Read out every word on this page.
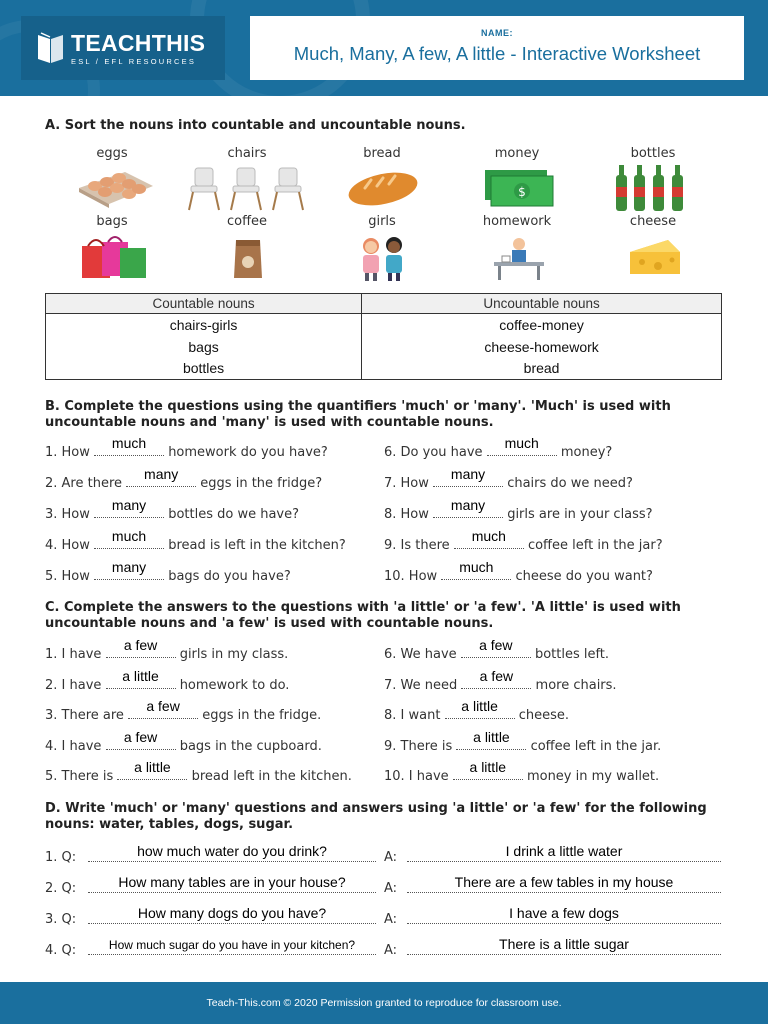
TEACHTHIS
ESL / EFL RESOURCES
NAME:
Much, Many, A few, A little - Interactive Worksheet
A. Sort the nouns into countable and uncountable nouns.
eggs	chairs	bread	money	bottles
bags	coffee	girls	homework	cheese
$
Countable nouns	Uncountable nouns
chairs-girls	coffee-money
bags	cheese-homework
bottles	bread
B. Complete the questions using the quantifiers 'much' or 'many'. 'Much' is used with uncountable nouns and 'many' is used with countable nouns.
1. How
much
homework do you have?
2. Are there
many
eggs in the fridge?
3. How
many
bottles do we have?
4. How
much
bread is left in the kitchen?
5. How
many
bags do you have?
6. Do you have
much
money?
7. How
many
chairs do we need?
8. How
many
girls are in your class?
9. Is there
much
coffee left in the jar?
10. How
much
cheese do you want?
C. Complete the answers to the questions with 'a little' or 'a few'. 'A little' is used with uncountable nouns and 'a few' is used with countable nouns.
1. I have
a few
girls in my class.
2. I have
a little
homework to do.
3. There are
a few
eggs in the fridge.
4. I have
a few
bags in the cupboard.
5. There is
a little
bread left in the kitchen.
6. We have
a few
bottles left.
7. We need
a few
more chairs.
8. I want
a little
cheese.
9. There is
a little
coffee left in the jar.
10. I have
a little
money in my wallet.
D. Write 'much' or 'many' questions and answers using 'a little' or 'a few' for the following nouns: water, tables, dogs, sugar.
1. Q:	how much water do you drink?	A:	I drink a little water
2. Q:	How many tables are in your house?	A:	There are a few tables in my house
3. Q:	How many dogs do you have?	A:	I have a few dogs
4. Q:	How much sugar do you have in your kitchen?	A:	There is a little sugar
Teach-This.com © 2020 Permission granted to reproduce for classroom use.
